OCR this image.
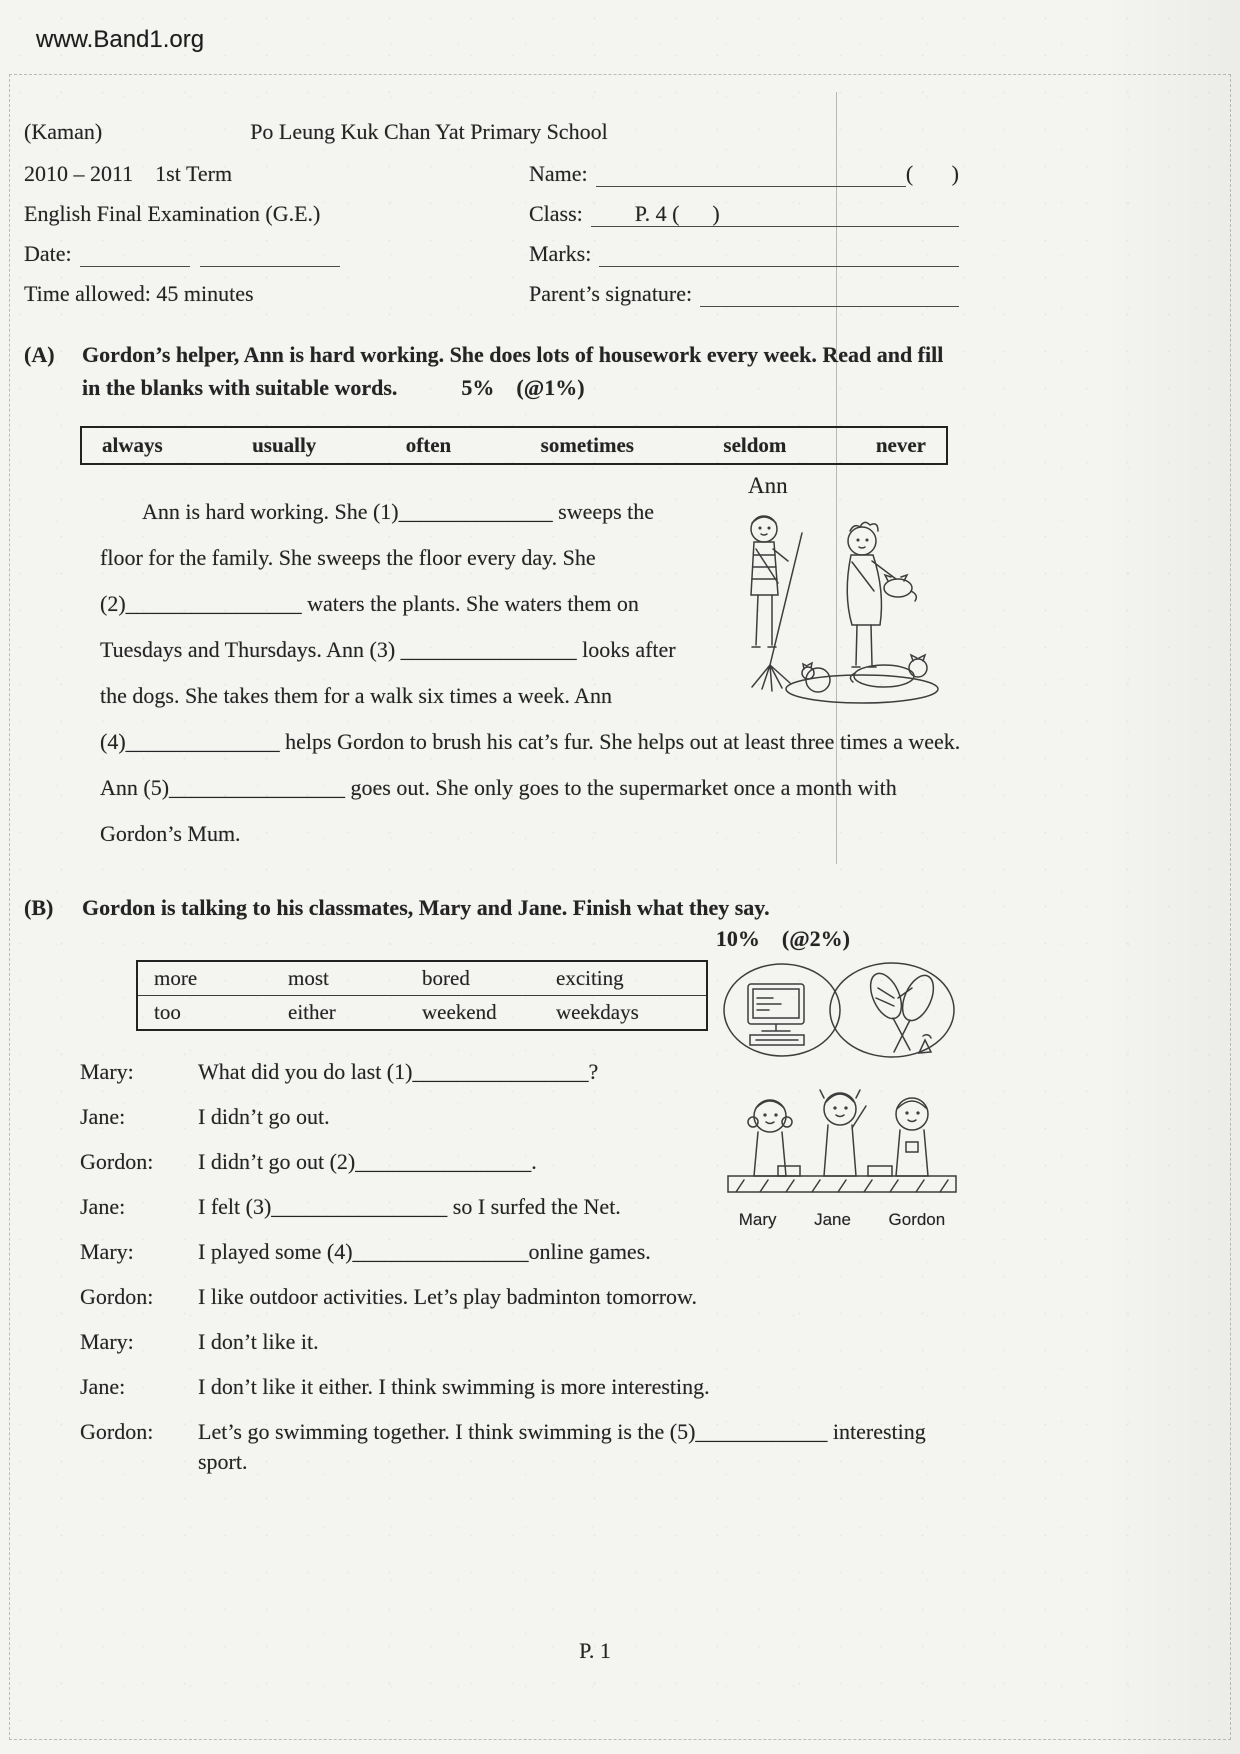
www.Band1.org
(Kaman)	Po Leung Kuk Chan Yat Primary School
2010 – 2011    1st Term
English Final Examination (G.E.)
Date:
Time allowed: 45 minutes
Name:	(       )
Class:	P. 4 (      )
Marks:
Parent’s signature:
(A)	Gordon’s helper, Ann is hard working. She does lots of housework every week. Read and fill in the blanks with suitable words.	5%    (@1%)
always	usually	often	sometimes	seldom	never
Ann

Ann is hard working. She (1)______________ sweeps the floor for the family. She sweeps the floor every day. She (2)________________ waters the plants. She waters them on Tuesdays and Thursdays. Ann (3) ________________ looks after the dogs. She takes them for a walk six times a week. Ann (4)______________ helps Gordon to brush his cat’s fur. She helps out at least three times a week. Ann (5)________________ goes out. She only goes to the supermarket once a month with Gordon’s Mum.

(B)	Gordon is talking to his classmates, Mary and Jane. Finish what they say.
10%    (@2%)
more	most	bored	exciting
too	either	weekend	weekdays
Mary Jane Gordon
Mary:	What did you do last (1)________________?
Jane:	I didn’t go out.
Gordon:	I didn’t go out (2)________________.
Jane:	I felt (3)________________ so I surfed the Net.
Mary:	I played some (4)________________online games.
Gordon:	I like outdoor activities. Let’s play badminton tomorrow.
Mary:	I don’t like it.
Jane:	I don’t like it either. I think swimming is more interesting.
Gordon:	Let’s go swimming together. I think swimming is the (5)____________ interesting sport.
P. 1
